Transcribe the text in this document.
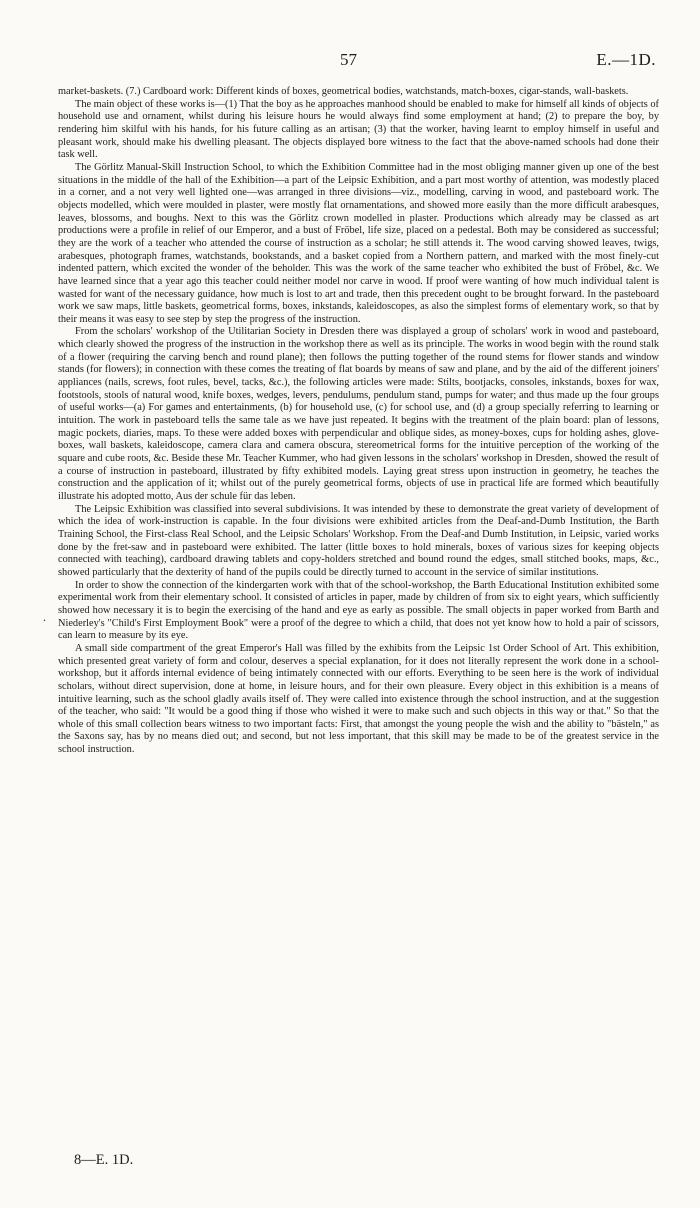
57	E.—1D.

market-baskets. (7.) Cardboard work: Different kinds of boxes, geometrical bodies, watchstands, match-boxes, cigar-stands, wall-baskets.

The main object of these works is—(1) That the boy as he approaches manhood should be enabled to make for himself all kinds of objects of household use and ornament, whilst during his leisure hours he would always find some employment at hand; (2) to prepare the boy, by rendering him skilful with his hands, for his future calling as an artisan; (3) that the worker, having learnt to employ himself in useful and pleasant work, should make his dwelling pleasant. The objects displayed bore witness to the fact that the above-named schools had done their task well.

The Görlitz Manual-Skill Instruction School, to which the Exhibition Committee had in the most obliging manner given up one of the best situations in the middle of the hall of the Exhibition—a part of the Leipsic Exhibition, and a part most worthy of attention, was modestly placed in a corner, and a not very well lighted one—was arranged in three divisions—viz., modelling, carving in wood, and pasteboard work. The objects modelled, which were moulded in plaster, were mostly flat ornamentations, and showed more easily than the more difficult arabesques, leaves, blossoms, and boughs. Next to this was the Görlitz crown modelled in plaster. Productions which already may be classed as art productions were a profile in relief of our Emperor, and a bust of Fröbel, life size, placed on a pedestal. Both may be considered as successful; they are the work of a teacher who attended the course of instruction as a scholar; he still attends it. The wood carving showed leaves, twigs, arabesques, photograph frames, watchstands, bookstands, and a basket copied from a Northern pattern, and marked with the most finely-cut indented pattern, which excited the wonder of the beholder. This was the work of the same teacher who exhibited the bust of Fröbel, &c. We have learned since that a year ago this teacher could neither model nor carve in wood. If proof were wanting of how much individual talent is wasted for want of the necessary guidance, how much is lost to art and trade, then this precedent ought to be brought forward. In the pasteboard work we saw maps, little baskets, geometrical forms, boxes, inkstands, kaleidoscopes, as also the simplest forms of elementary work, so that by their means it was easy to see step by step the progress of the instruction.

From the scholars' workshop of the Utilitarian Society in Dresden there was displayed a group of scholars' work in wood and pasteboard, which clearly showed the progress of the instruction in the workshop there as well as its principle. The works in wood begin with the round stalk of a flower (requiring the carving bench and round plane); then follows the putting together of the round stems for flower stands and window stands (for flowers); in connection with these comes the treating of flat boards by means of saw and plane, and by the aid of the different joiners' appliances (nails, screws, foot rules, bevel, tacks, &c.), the following articles were made: Stilts, bootjacks, consoles, inkstands, boxes for wax, footstools, stools of natural wood, knife boxes, wedges, levers, pendulums, pendulum stand, pumps for water; and thus made up the four groups of useful works—(a) For games and entertainments, (b) for household use, (c) for school use, and (d) a group specially referring to learning or intuition. The work in pasteboard tells the same tale as we have just repeated. It begins with the treatment of the plain board: plan of lessons, magic pockets, diaries, maps. To these were added boxes with perpendicular and oblique sides, as money-boxes, cups for holding ashes, glove-boxes, wall baskets, kaleidoscope, camera clara and camera obscura, stereometrical forms for the intuitive perception of the working of the square and cube roots, &c. Beside these Mr. Teacher Kummer, who had given lessons in the scholars' workshop in Dresden, showed the result of a course of instruction in pasteboard, illustrated by fifty exhibited models. Laying great stress upon instruction in geometry, he teaches the construction and the application of it; whilst out of the purely geometrical forms, objects of use in practical life are formed which beautifully illustrate his adopted motto, Aus der schule für das leben.

The Leipsic Exhibition was classified into several subdivisions. It was intended by these to demonstrate the great variety of development of which the idea of work-instruction is capable. In the four divisions were exhibited articles from the Deaf-and-Dumb Institution, the Barth Training School, the First-class Real School, and the Leipsic Scholars' Workshop. From the Deaf-and Dumb Institution, in Leipsic, varied works done by the fret-saw and in pasteboard were exhibited. The latter (little boxes to hold minerals, boxes of various sizes for keeping objects connected with teaching), cardboard drawing tablets and copy-holders stretched and bound round the edges, small stitched books, maps, &c., showed particularly that the dexterity of hand of the pupils could be directly turned to account in the service of similar institutions.

In order to show the connection of the kindergarten work with that of the school-workshop, the Barth Educational Institution exhibited some experimental work from their elementary school. It consisted of articles in paper, made by children of from six to eight years, which sufficiently showed how necessary it is to begin the exercising of the hand and eye as early as possible. The small objects in paper worked from Barth and Niederley's "Child's First Employment Book" were a proof of the degree to which a child, that does not yet know how to hold a pair of scissors, can learn to measure by its eye.

A small side compartment of the great Emperor's Hall was filled by the exhibits from the Leipsic 1st Order School of Art. This exhibition, which presented great variety of form and colour, deserves a special explanation, for it does not literally represent the work done in a school-workshop, but it affords internal evidence of being intimately connected with our efforts. Everything to be seen here is the work of individual scholars, without direct supervision, done at home, in leisure hours, and for their own pleasure. Every object in this exhibition is a means of intuitive learning, such as the school gladly avails itself of. They were called into existence through the school instruction, and at the suggestion of the teacher, who said: "It would be a good thing if those who wished it were to make such and such objects in this way or that." So that the whole of this small collection bears witness to two important facts: First, that amongst the young people the wish and the ability to "bästeln," as the Saxons say, has by no means died out; and second, but not less important, that this skill may be made to be of the greatest service in the school instruction.

.
8—E. 1D.
